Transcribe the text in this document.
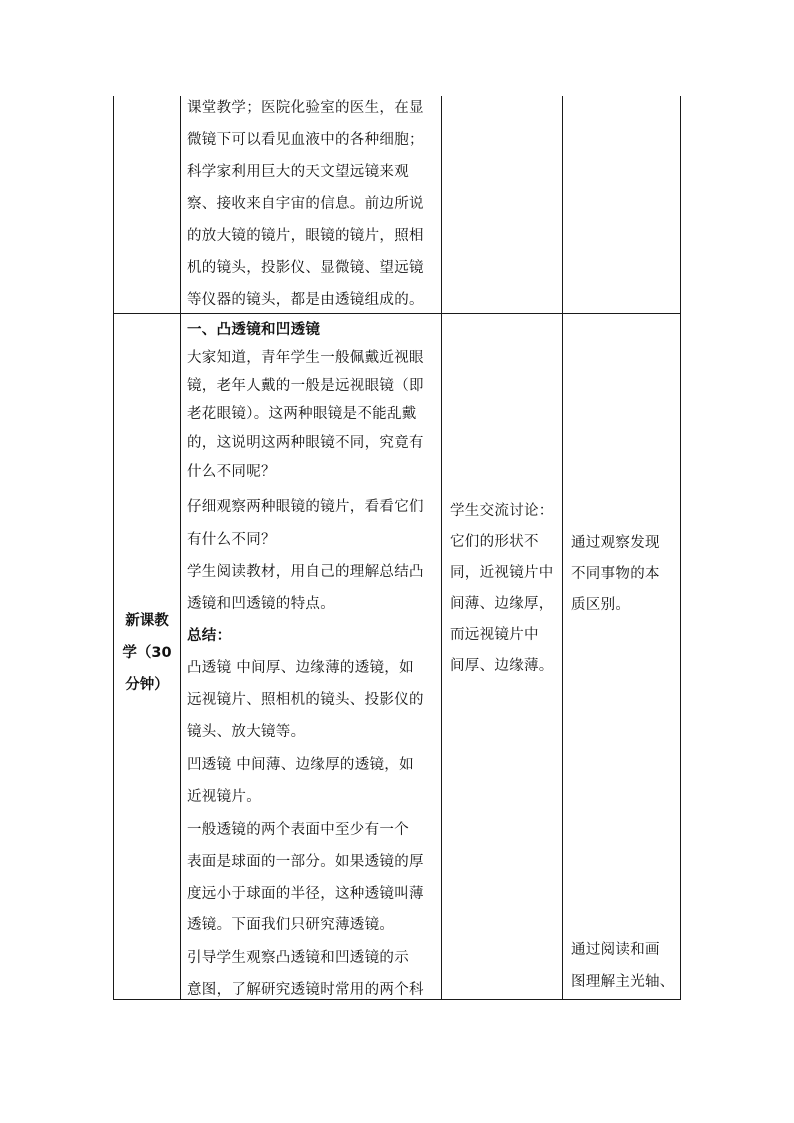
课堂教学；医院化验室的医生，在显

微镜下可以看见血液中的各种细胞；

科学家利用巨大的天文望远镜来观

察、接收来自宇宙的信息。前边所说

的放大镜的镜片，眼镜的镜片，照相

机的镜头，投影仪、显微镜、望远镜

等仪器的镜头，都是由透镜组成的。

新课教

学（30

分钟）

一、凸透镜和凹透镜

大家知道，青年学生一般佩戴近视眼

镜，老年人戴的一般是远视眼镜（即

老花眼镜）。这两种眼镜是不能乱戴

的，这说明这两种眼镜不同，究竟有

什么不同呢？

仔细观察两种眼镜的镜片，看看它们

有什么不同？

学生阅读教材，用自己的理解总结凸

透镜和凹透镜的特点。

总结：

凸透镜 中间厚、边缘薄的透镜，如

远视镜片、照相机的镜头、投影仪的

镜头、放大镜等。

凹透镜 中间薄、边缘厚的透镜，如

近视镜片。

一般透镜的两个表面中至少有一个

表面是球面的一部分。如果透镜的厚

度远小于球面的半径，这种透镜叫薄

透镜。下面我们只研究薄透镜。

引导学生观察凸透镜和凹透镜的示

意图，了解研究透镜时常用的两个科

学生交流讨论：

它们的形状不

同，近视镜片中

间薄、边缘厚，

而远视镜片中

间厚、边缘薄。

通过观察发现

不同事物的本

质区别。

通过阅读和画

图理解主光轴、
